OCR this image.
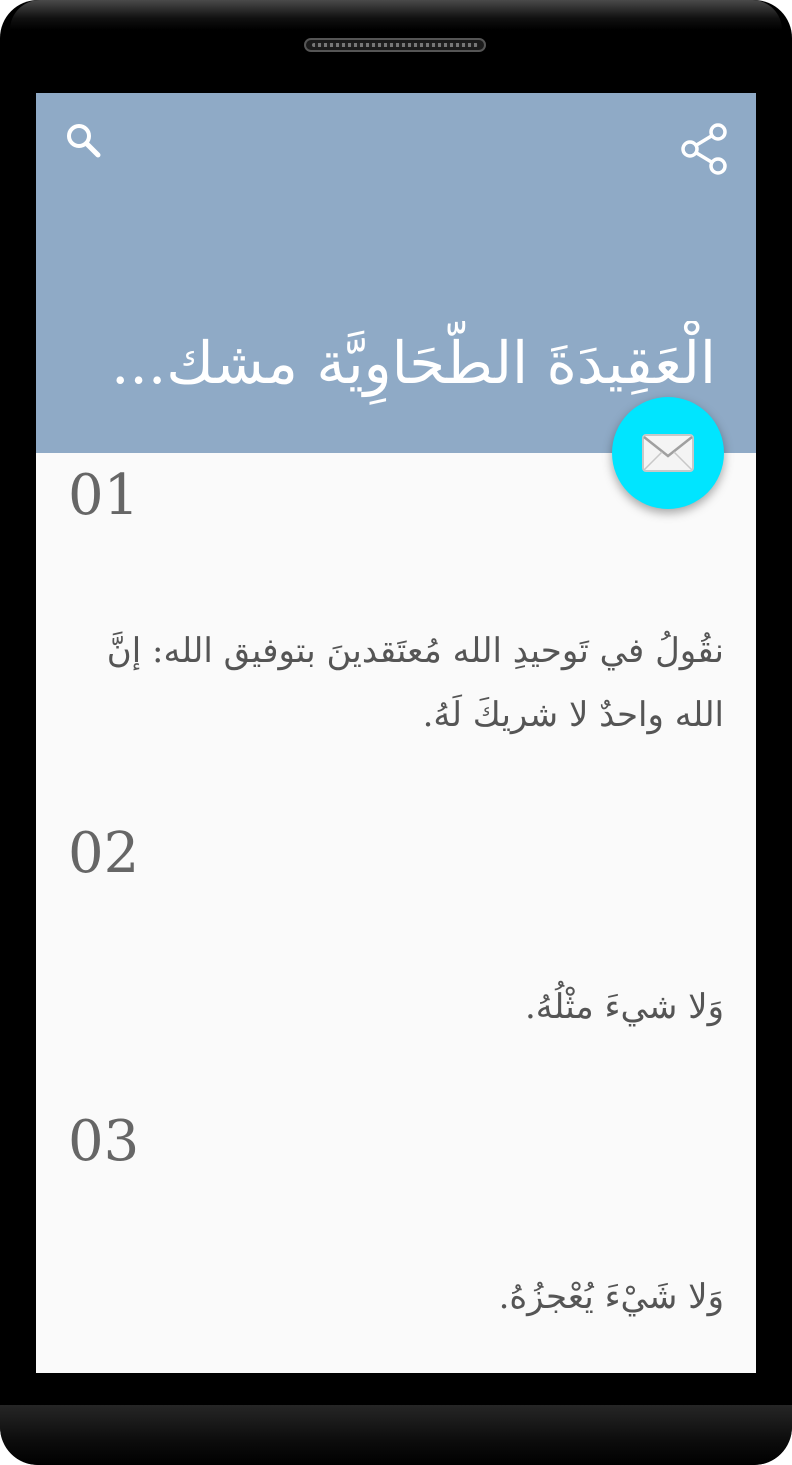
الْعَقِيدَةَ الطَّحَاوِيَّة مشك...
01
نقُولُ في تَوحيدِ الله مُعتَقدينَ بتوفيق الله: إنَّ الله واحدٌ لا شريكَ لَهُ.
02
وَلا شيءَ مثْلُهُ.
03
وَلا شَيْءَ يُعْجزُهُ.
